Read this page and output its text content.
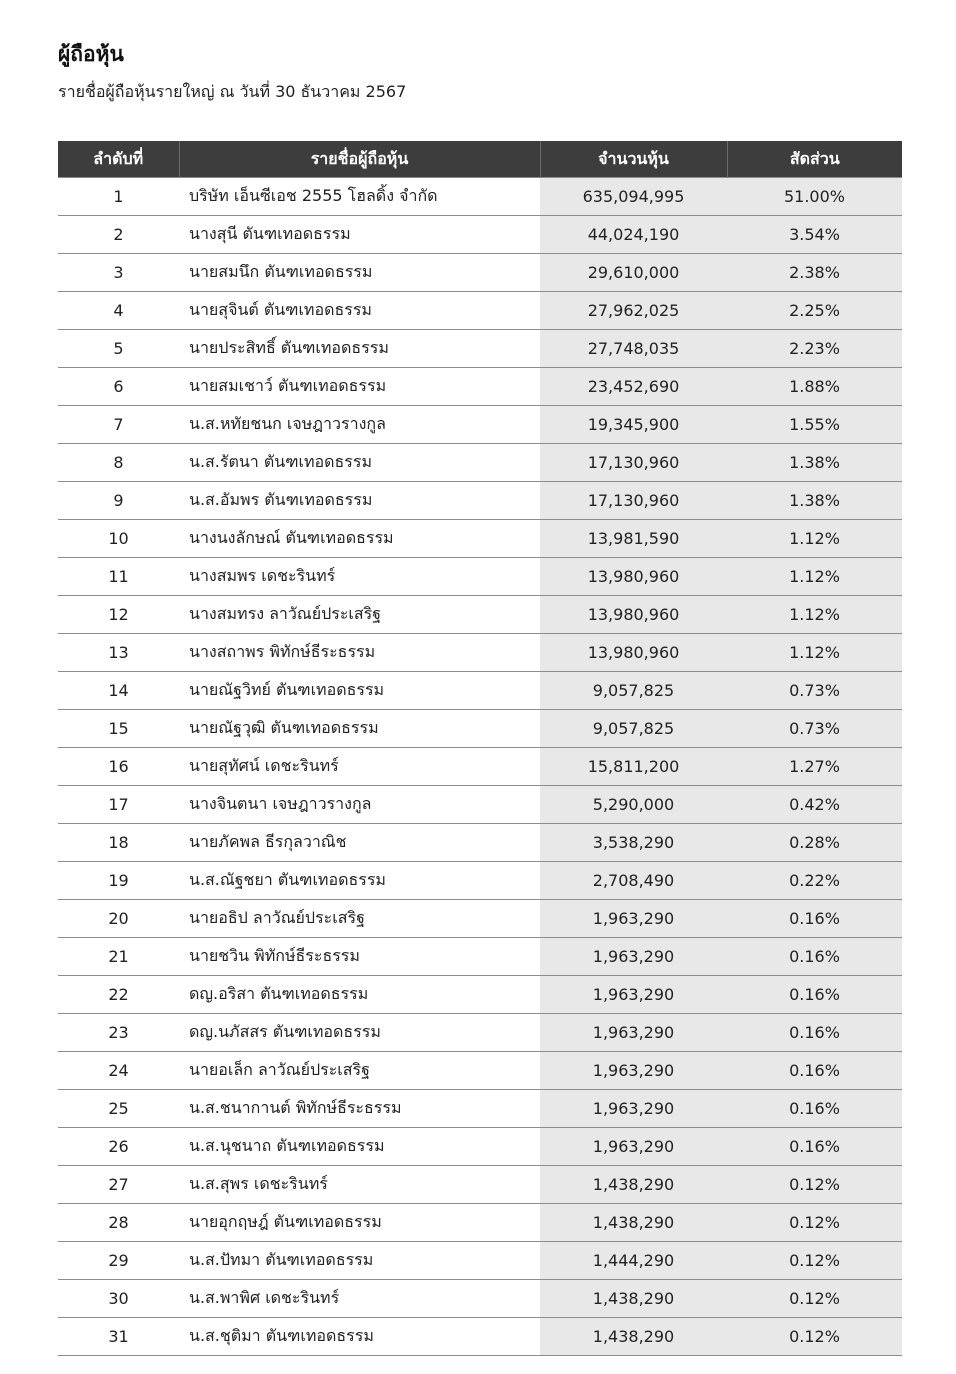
ผู้ถือหุ้น

รายชื่อผู้ถือหุ้นรายใหญ่ ณ วันที่ 30 ธันวาคม 2567

ลำดับที่	รายชื่อผู้ถือหุ้น	จำนวนหุ้น	สัดส่วน
1	บริษัท เอ็นซีเอช 2555 โฮลดิ้ง จำกัด	635,094,995	51.00%
2	นางสุนี ตันฑเทอดธรรม	44,024,190	3.54%
3	นายสมนึก ตันฑเทอดธรรม	29,610,000	2.38%
4	นายสุจินต์ ตันฑเทอดธรรม	27,962,025	2.25%
5	นายประสิทธิ์ ตันฑเทอดธรรม	27,748,035	2.23%
6	นายสมเชาว์ ตันฑเทอดธรรม	23,452,690	1.88%
7	น.ส.หทัยชนก เจษฎาวรางกูล	19,345,900	1.55%
8	น.ส.รัตนา ตันฑเทอดธรรม	17,130,960	1.38%
9	น.ส.อัมพร ตันฑเทอดธรรม	17,130,960	1.38%
10	นางนงลักษณ์ ตันฑเทอดธรรม	13,981,590	1.12%
11	นางสมพร เดชะรินทร์	13,980,960	1.12%
12	นางสมทรง ลาวัณย์ประเสริฐ	13,980,960	1.12%
13	นางสถาพร พิทักษ์ธีระธรรม	13,980,960	1.12%
14	นายณัฐวิทย์ ตันฑเทอดธรรม	9,057,825	0.73%
15	นายณัฐวุฒิ ตันฑเทอดธรรม	9,057,825	0.73%
16	นายสุทัศน์ เดชะรินทร์	15,811,200	1.27%
17	นางจินตนา เจษฎาวรางกูล	5,290,000	0.42%
18	นายภัคพล ธีรกุลวาณิช	3,538,290	0.28%
19	น.ส.ณัฐชยา ตันฑเทอดธรรม	2,708,490	0.22%
20	นายอธิป ลาวัณย์ประเสริฐ	1,963,290	0.16%
21	นายชวิน พิทักษ์ธีระธรรม	1,963,290	0.16%
22	ดญ.อริสา ตันฑเทอดธรรม	1,963,290	0.16%
23	ดญ.นภัสสร ตันฑเทอดธรรม	1,963,290	0.16%
24	นายอเล็ก ลาวัณย์ประเสริฐ	1,963,290	0.16%
25	น.ส.ชนากานต์ พิทักษ์ธีระธรรม	1,963,290	0.16%
26	น.ส.นุชนาถ ตันฑเทอดธรรม	1,963,290	0.16%
27	น.ส.สุพร เดชะรินทร์	1,438,290	0.12%
28	นายอุกฤษฎ์ ตันฑเทอดธรรม	1,438,290	0.12%
29	น.ส.ปัทมา ตันฑเทอดธรรม	1,444,290	0.12%
30	น.ส.พาพิศ เดชะรินทร์	1,438,290	0.12%
31	น.ส.ชุติมา ตันฑเทอดธรรม	1,438,290	0.12%
